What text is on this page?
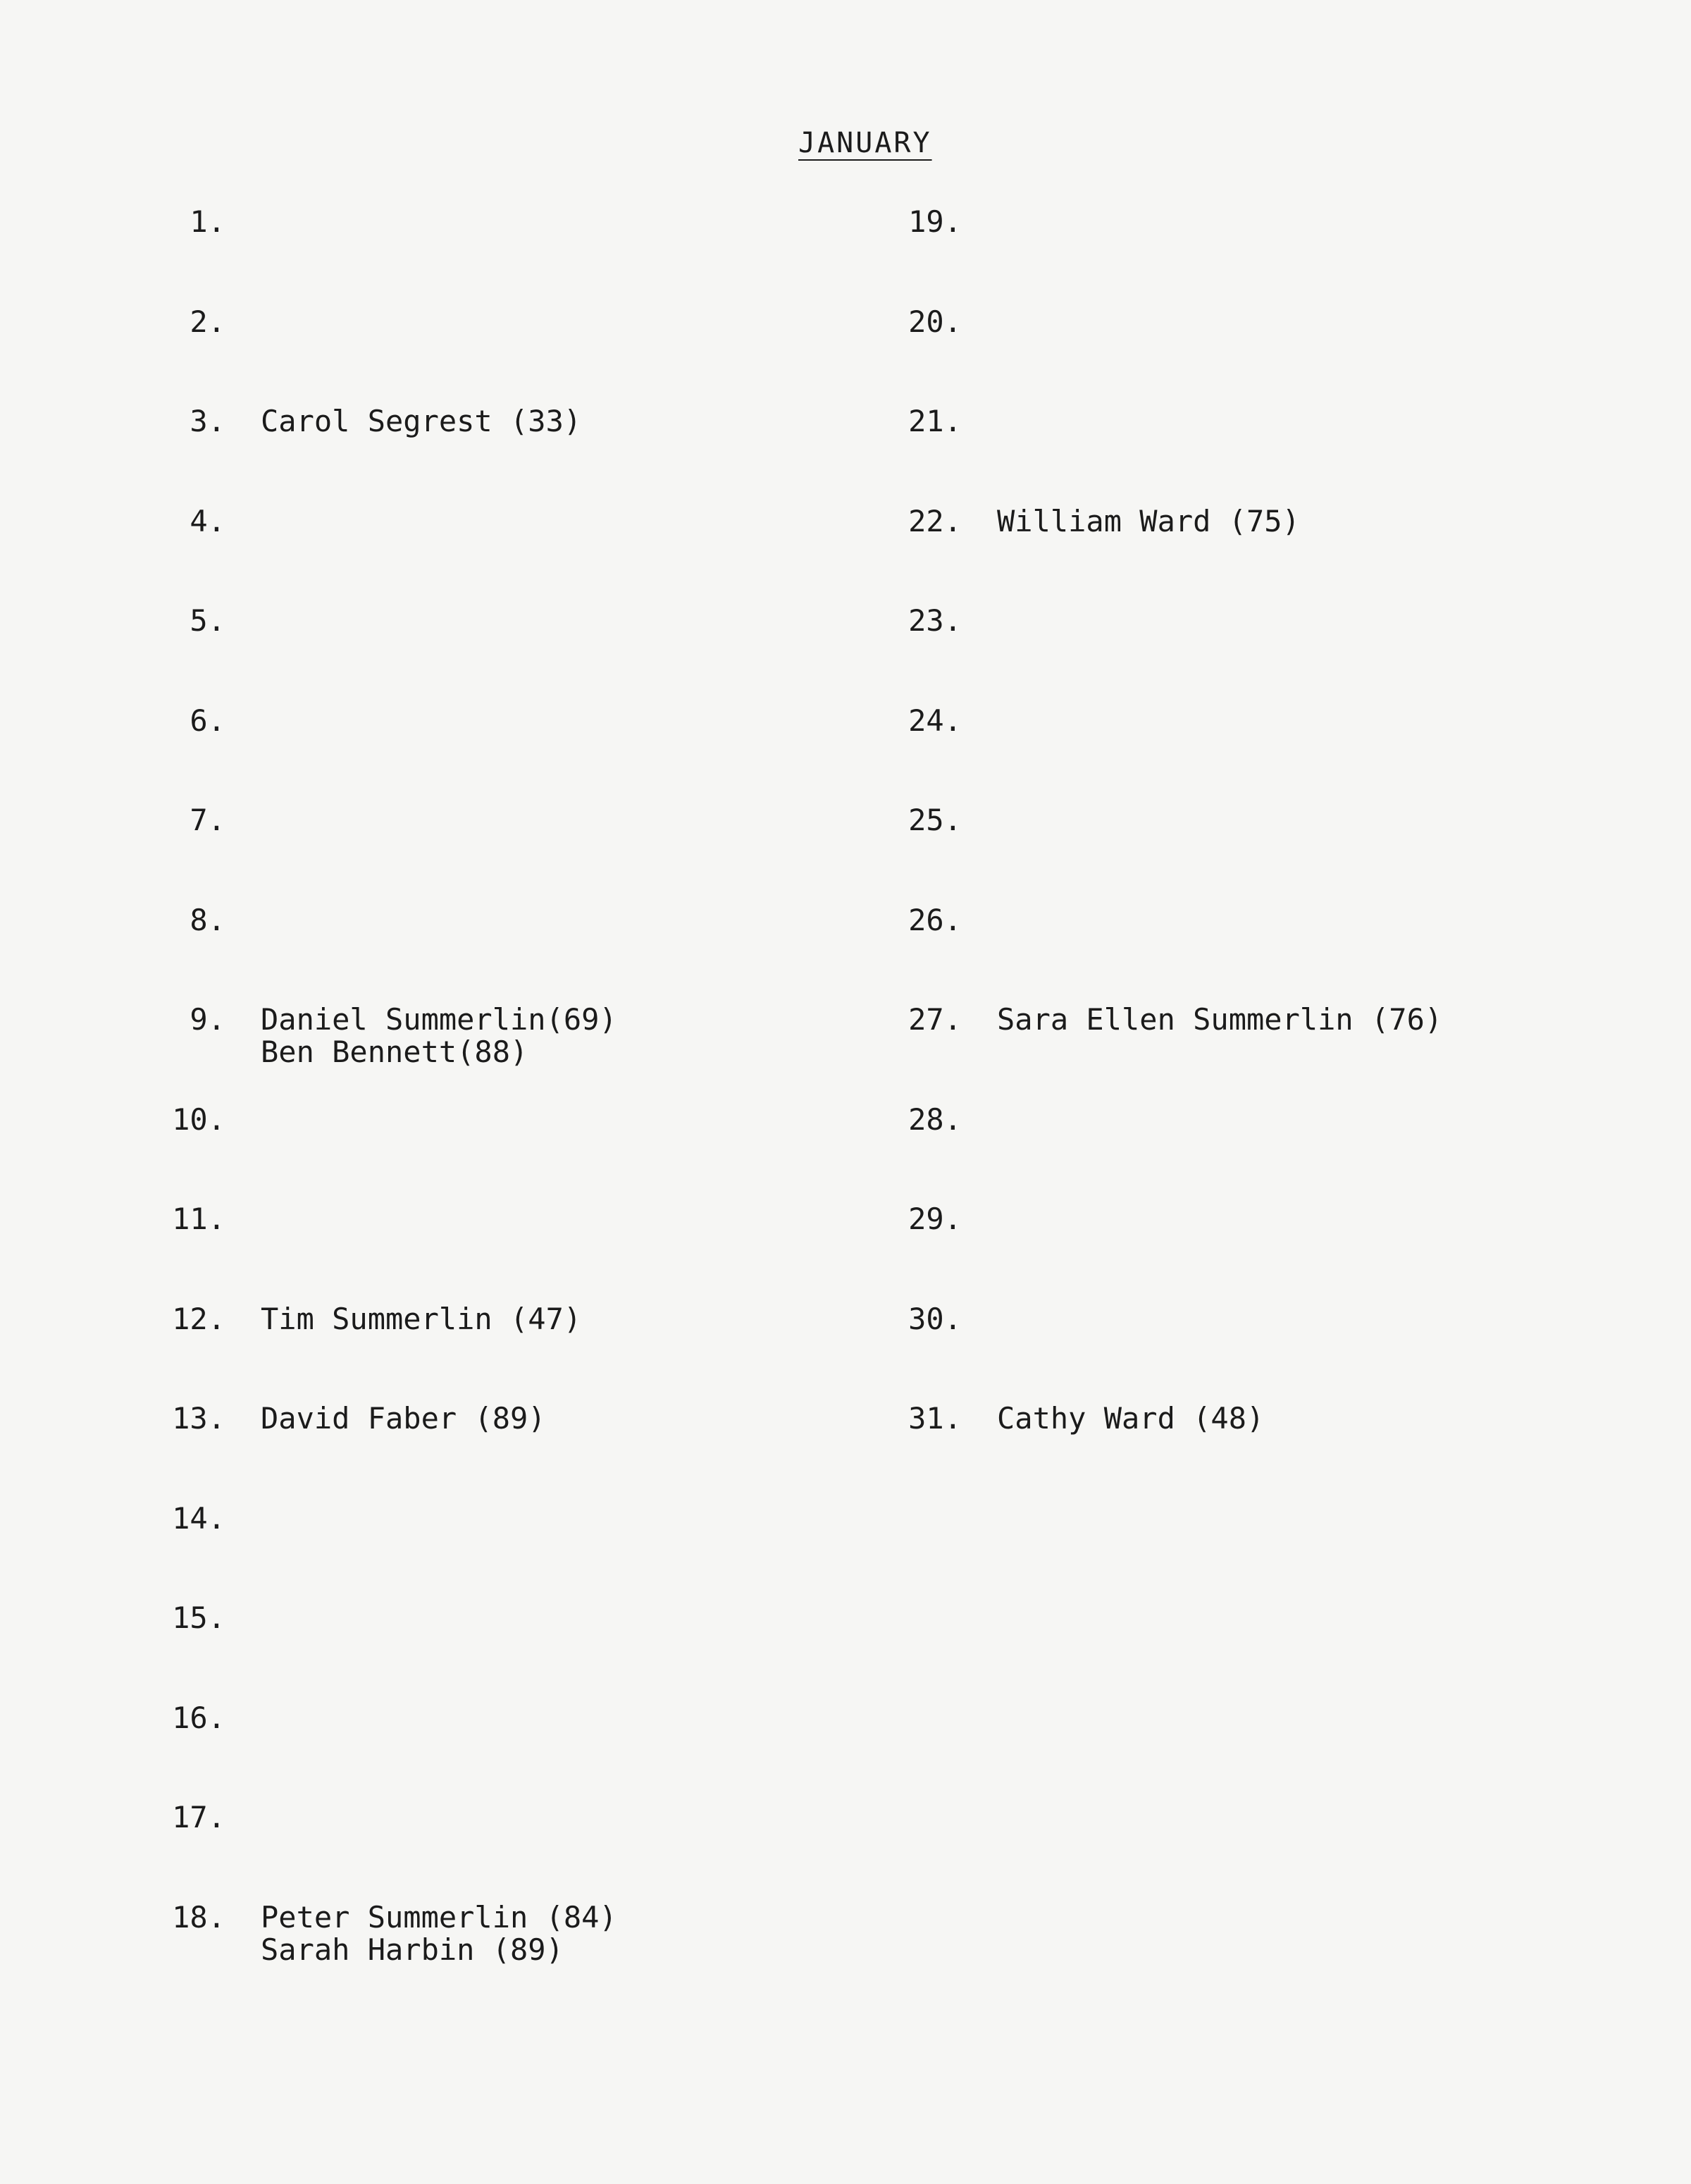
JANUARY
1.
2.
3. Carol Segrest (33)
4.
5.
6.
7.
8.
9. Daniel Summerlin(69)
Ben Bennett(88)
10.
11.
12. Tim Summerlin (47)
13. David Faber (89)
14.
15.
16.
17.
18. Peter Summerlin (84)
Sarah Harbin (89)
19.
20.
21.
22. William Ward (75)
23.
24.
25.
26.
27. Sara Ellen Summerlin (76)
28.
29.
30.
31. Cathy Ward (48)
